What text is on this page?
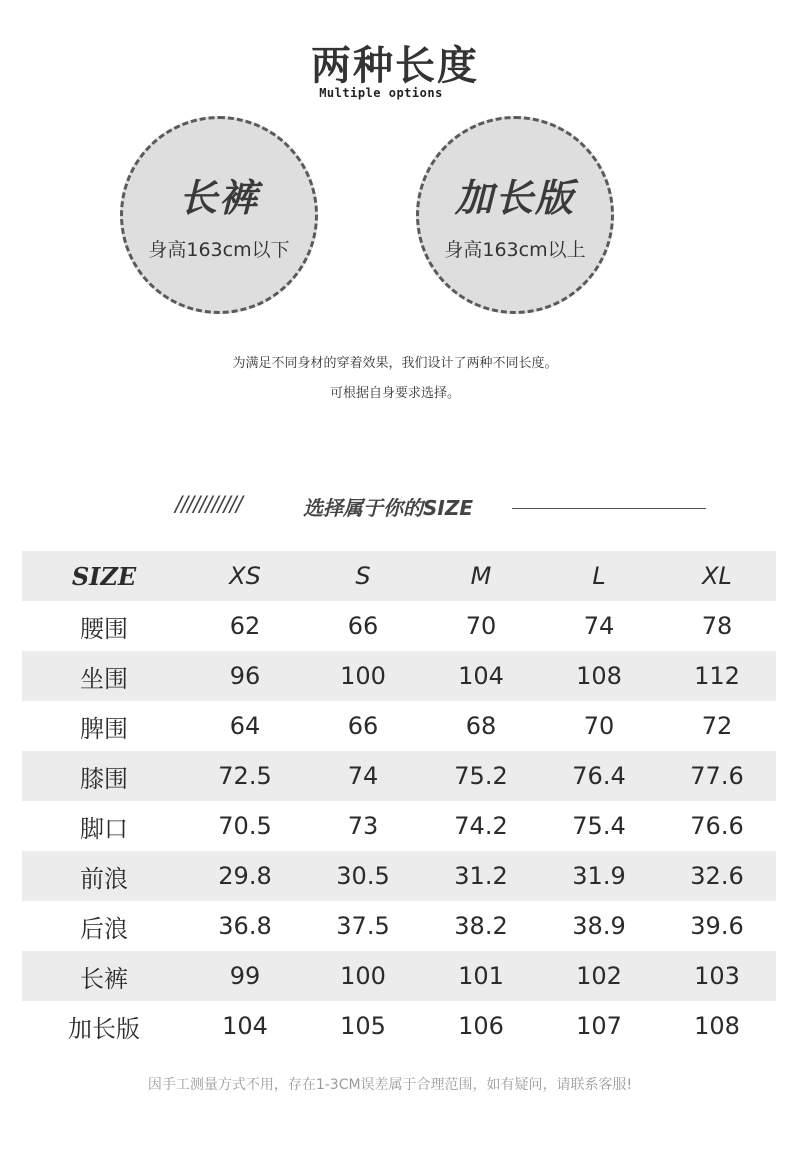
两种长度
Multiple options
长裤
身高163cm以下
加长版
身高163cm以上
为满足不同身材的穿着效果，我们设计了两种不同长度。
可根据自身要求选择。
///////////	选择属于你的SIZE
SIZE	XS	S	M	L	XL
腰围	62	66	70	74	78
坐围	96	100	104	108	112
脾围	64	66	68	70	72
膝围	72.5	74	75.2	76.4	77.6
脚口	70.5	73	74.2	75.4	76.6
前浪	29.8	30.5	31.2	31.9	32.6
后浪	36.8	37.5	38.2	38.9	39.6
长裤	99	100	101	102	103
加长版	104	105	106	107	108
因手工测量方式不用，存在1-3CM误差属于合理范围，如有疑问，请联系客服!
